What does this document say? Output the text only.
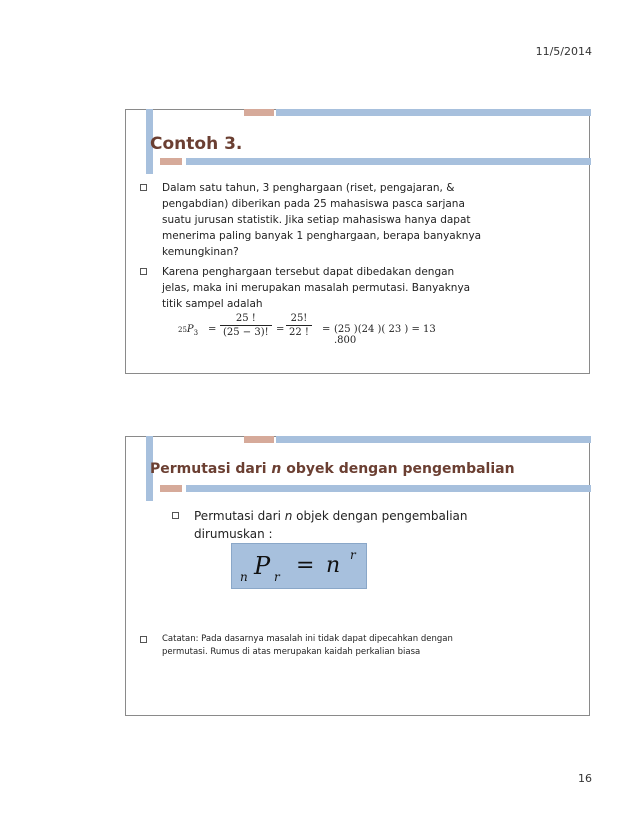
11/5/2014
Contoh 3.
Dalam satu tahun, 3 penghargaan (riset, pengajaran, & pengabdian) diberikan pada 25 mahasiswa pasca sarjana suatu jurusan statistik. Jika setiap mahasiswa hanya dapat menerima paling banyak 1 penghargaan, berapa banyaknya kemungkinan?
Karena penghargaan tersebut dapat dibedakan dengan jelas, maka ini merupakan masalah permutasi. Banyaknya titik sampel adalah
$25P_3 = \frac{25 !}{(25 - 3)!} = \frac{25!}{22 !} = (25$ )(24 )( 23 ) = 13 .800
Permutasi dari n obyek dengan pengembalian
Permutasi dari n objek dengan pengembalian dirumuskan :
n P r = n r
Catatan: Pada dasarnya masalah ini tidak dapat dipecahkan dengan permutasi. Rumus di atas merupakan kaidah perkalian biasa
16
